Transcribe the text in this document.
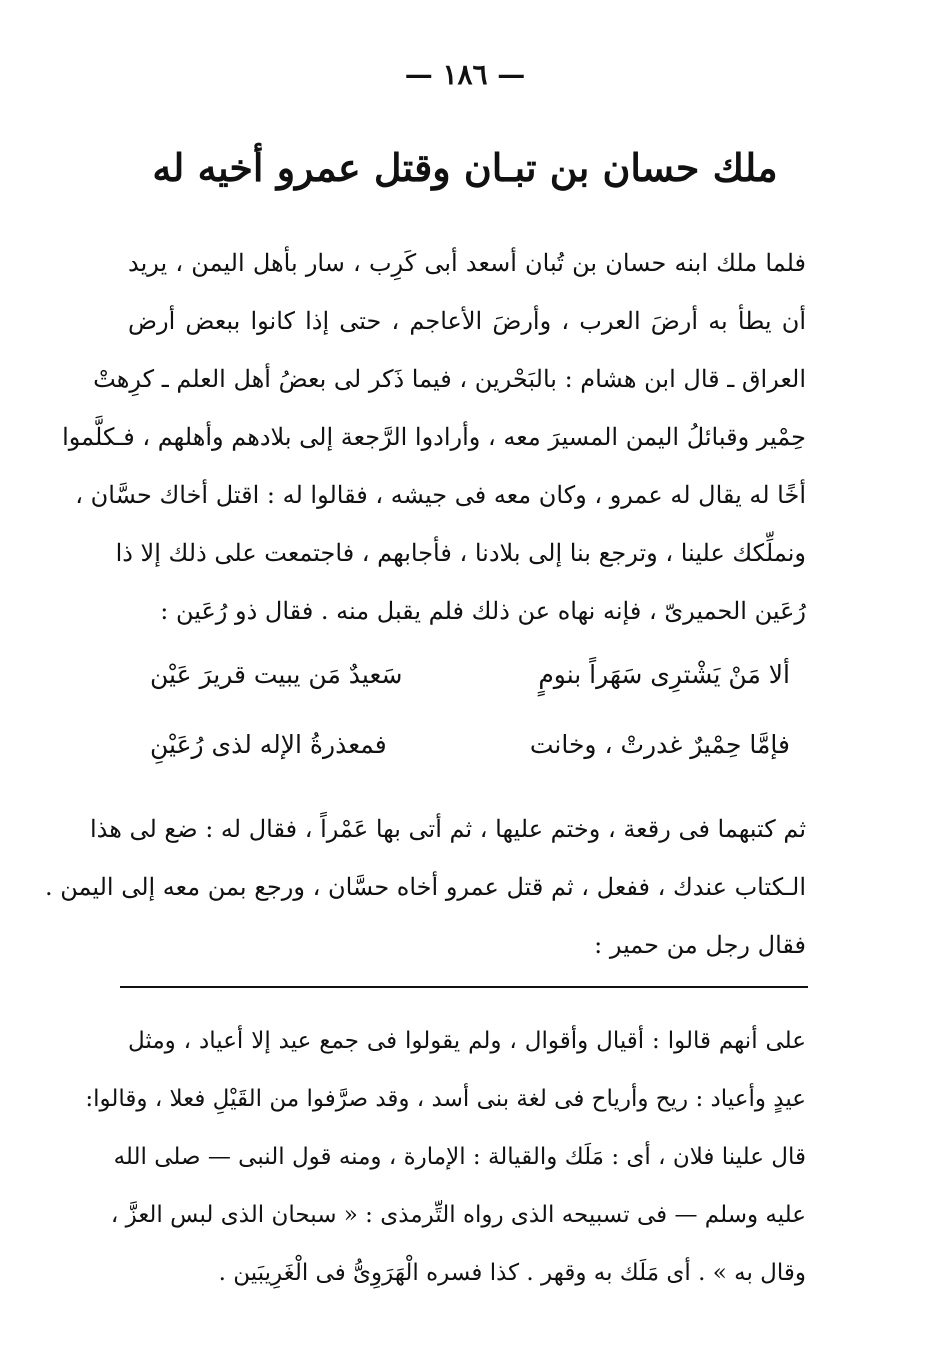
— ١٨٦ —
ملك حسان بن تبـان وقتل عمرو أخيه له
فلما ملك ابنه حسان بن تُبان أسعد أبى كَرِب ، سار بأهل اليمن ، يريد
أن يطأ به أرضَ العرب ، وأرضَ الأعاجم ، حتى إذا كانوا ببعض أرض
العراق ـ قال ابن هشام : بالبَحْرين ، فيما ذَكر لى بعضُ أهل العلم ـ كرِهتْ
حِمْير وقبائلُ اليمن المسيرَ معه ، وأرادوا الرَّجعة إلى بلادهم وأهلهم ، فـكلَّموا
أخًا له يقال له عمرو ، وكان معه فى جيشه ، فقالوا له : اقتل أخاك حسَّان ،
ونملِّكك علينا ، وترجع بنا إلى بلادنا ، فأجابهم ، فاجتمعت على ذلك إلا ذا
رُعَين الحميرىّ ، فإنه نهاه عن ذلك فلم يقبل منه . فقال ذو رُعَين :
ألا مَنْ يَشْترِى سَهَراً بنومٍ
سَعيدٌ مَن يبيت قريرَ عَيْن
فإمَّا حِمْيرٌ غدرتْ ، وخانت
فمعذرةُ الإله لذى رُعَيْنِ
ثم كتبهما فى رقعة ، وختم عليها ، ثم أتى بها عَمْراً ، فقال له : ضع لى هذا
الـكتاب عندك ، ففعل ، ثم قتل عمرو أخاه حسَّان ، ورجع بمن معه إلى اليمن .
فقال رجل من حمير :
على أنهم قالوا : أقيال وأقوال ، ولم يقولوا فى جمع عيد إلا أعياد ، ومثل
عيدٍ وأعياد : ريح وأرياح فى لغة بنى أسد ، وقد صرَّفوا من القَيْلِ فعلا ، وقالوا:
قال علينا فلان ، أى : مَلَك والقيالة : الإمارة ، ومنه قول النبى — صلى الله
عليه وسلم — فى تسبيحه الذى رواه التِّرمذى : « سبحان الذى لبس العزَّ ،
وقال به » . أى مَلَك به وقهر . كذا فسره الْهَرَوِىُّ فى الْغَرِيبَين .
